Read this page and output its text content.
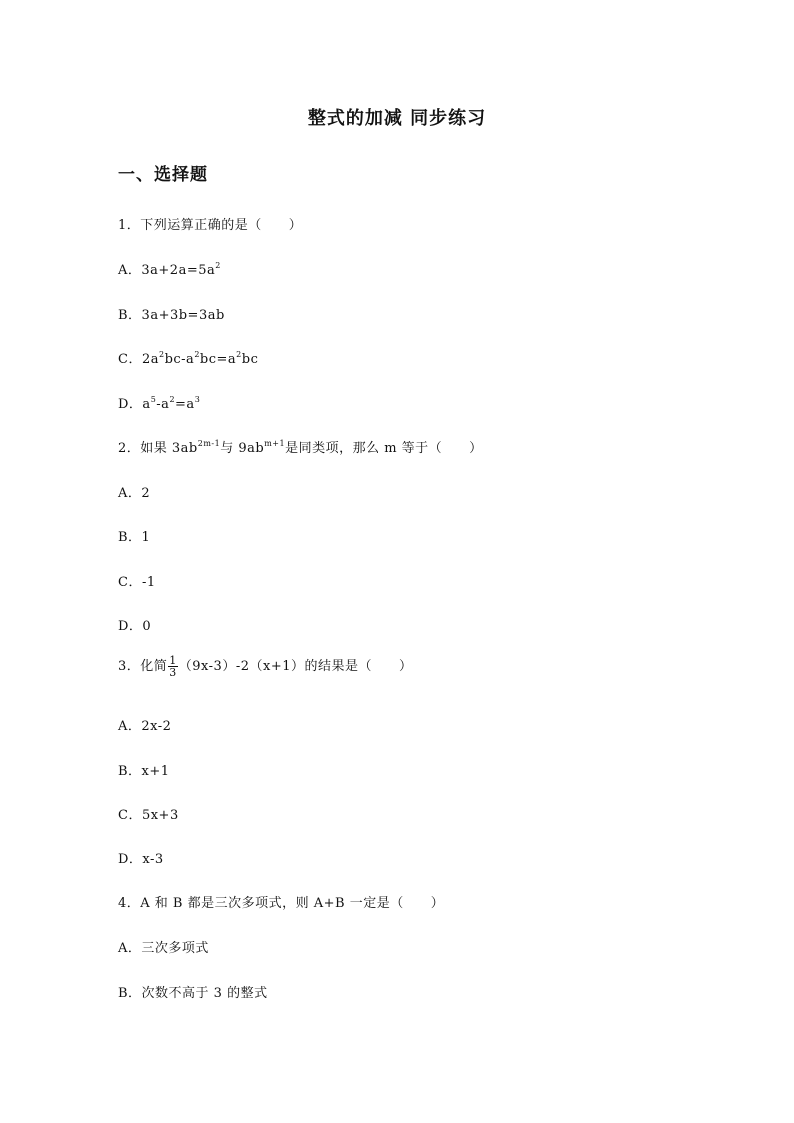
整式的加减 同步练习
一、选择题
1．下列运算正确的是（　　）
A．$3a+2a=5a^2$
B．3a+3b=3ab
C．$2a^2bc-a^2bc=a^2bc$
D．$a^5-a^2=a^3$
2．如果 $3ab^{2m-1}$与 $9ab^{m+1}$是同类项，那么 m 等于（　　）
A．2
B．1
C．-1
D．0
3．化简 $\frac{1}{3} (9x-3)-2(x+1)$的结果是（　　）
A．2x-2
B．x+1
C．5x+3
D．x-3
4．A 和 B 都是三次多项式，则 A+B 一定是（　　）
A．三次多项式
B．次数不高于 3 的整式
